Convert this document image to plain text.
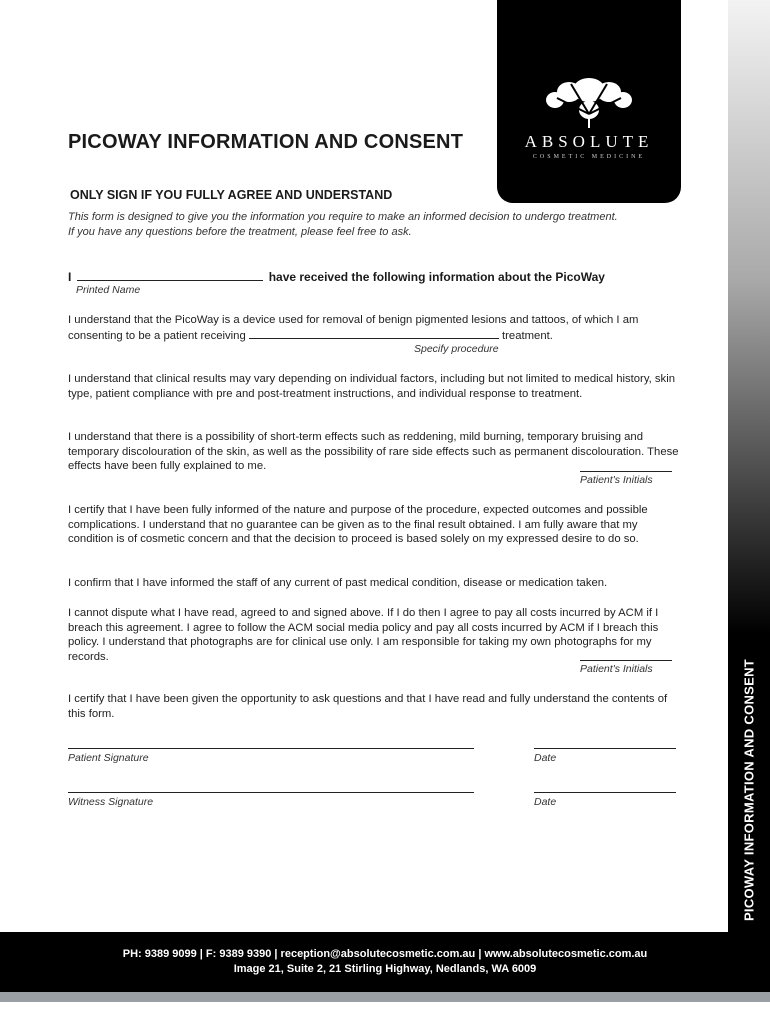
PICOWAY INFORMATION AND CONSENT
ABSOLUTE
COSMETIC MEDICINE
PICOWAY INFORMATION AND CONSENT
ONLY SIGN IF YOU FULLY AGREE AND UNDERSTAND

This form is designed to give you the information you require to make an informed decision to undergo treatment.
If you have any questions before the treatment, please feel free to ask.

I	have received the following information about the PicoWay
Printed Name

I understand that the PicoWay is a device used for removal of benign pigmented lesions and tattoos, of which I am consenting to be a patient receiving	treatment.

Specify procedure

I understand that clinical results may vary depending on individual factors, including but not limited to medical history, skin type, patient compliance with pre and post-treatment instructions, and individual response to treatment.

I understand that there is a possibility of short-term effects such as reddening, mild burning, temporary bruising and temporary discolouration of the skin, as well as the possibility of rare side effects such as permanent discolouration. These effects have been fully explained to me.

Patient's Initials

I certify that I have been fully informed of the nature and purpose of the procedure, expected outcomes and possible complications. I understand that no guarantee can be given as to the final result obtained. I am fully aware that my condition is of cosmetic concern and that the decision to proceed is based solely on my expressed desire to do so.

I confirm that I have informed the staff of any current of past medical condition, disease or medication taken.

I cannot dispute what I have read, agreed to and signed above. If I do then I agree to pay all costs incurred by ACM if I breach this agreement. I agree to follow the ACM social media policy and pay all costs incurred by ACM if I breach this policy. I understand that photographs are for clinical use only. I am responsible for taking my own photographs for my records.

Patient's Initials

I certify that I have been given the opportunity to ask questions and that I have read and fully understand the contents of this form.

Patient Signature	Date
Witness Signature	Date
PH: 9389 9099 | F: 9389 9390 | reception@absolutecosmetic.com.au | www.absolutecosmetic.com.au
Image 21, Suite 2, 21 Stirling Highway, Nedlands, WA 6009
